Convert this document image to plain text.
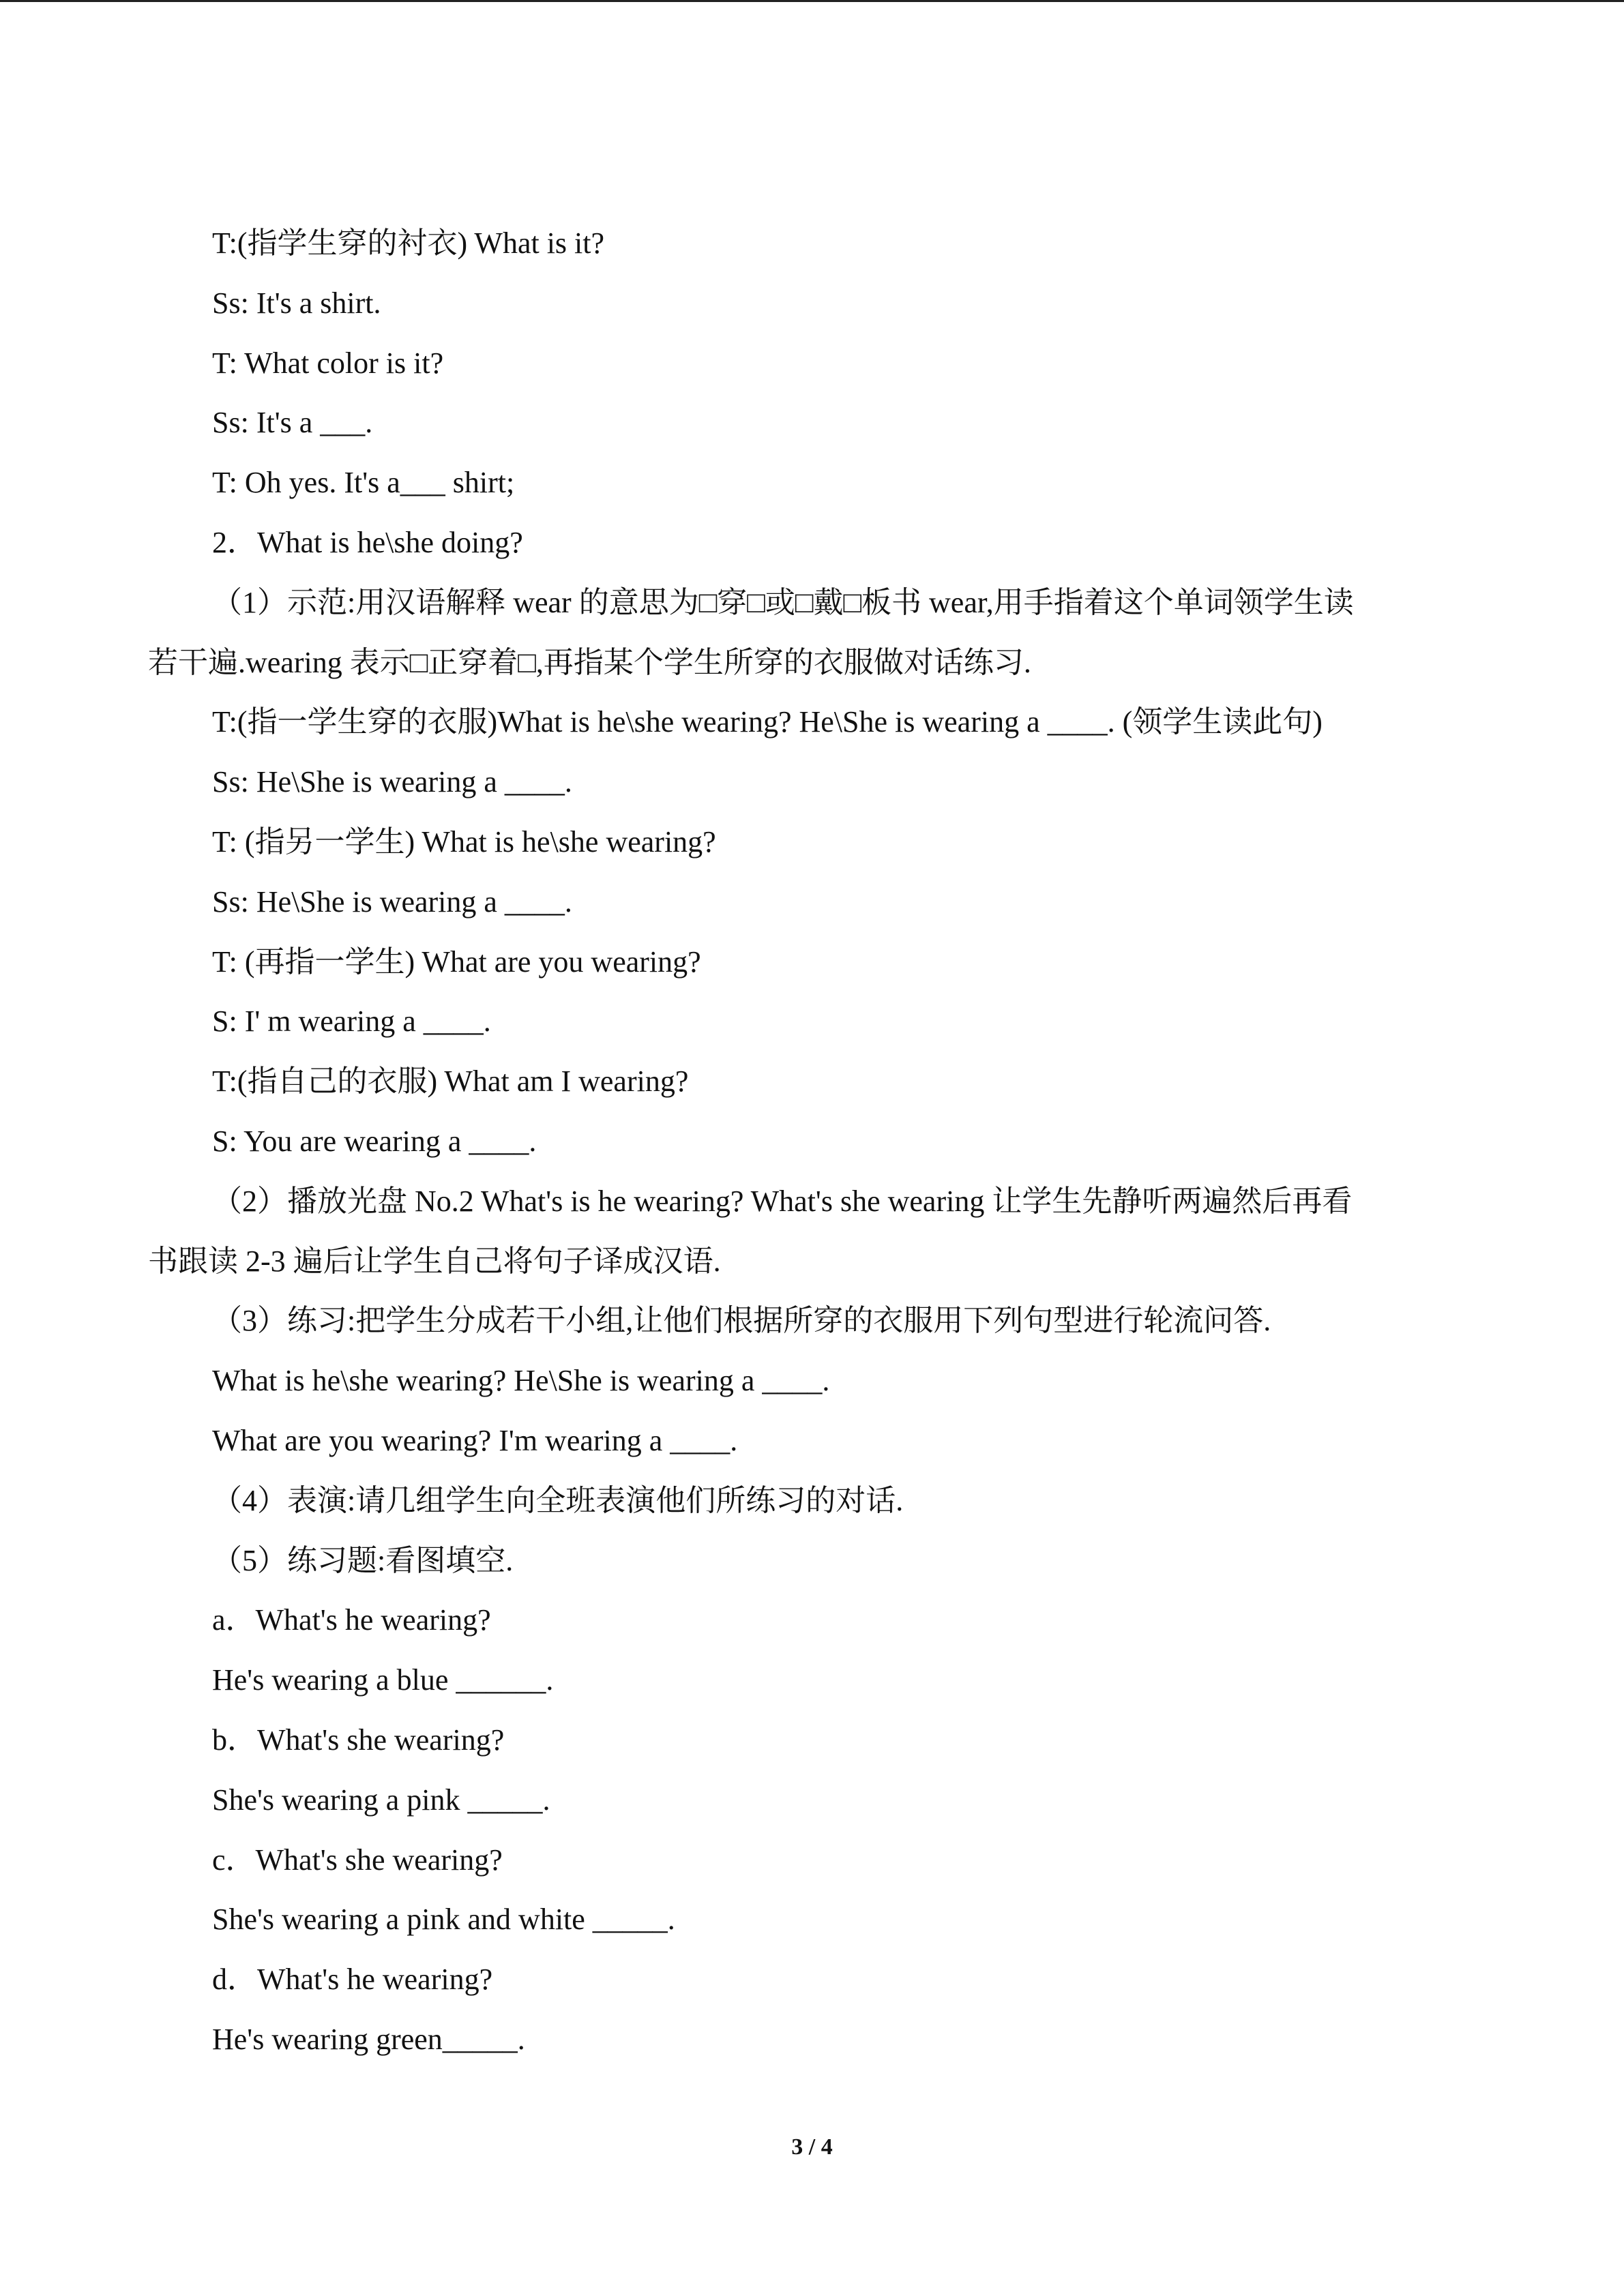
T:(指学生穿的衬衣) What is it?
Ss: It's a shirt.
T: What color is it?
Ss: It's a ___.
T: Oh yes. It's a___ shirt;
2．What is he\she doing?
（1）示范:用汉语解释 wear 的意思为□穿□或□戴□板书 wear,用手指着这个单词领学生读
若干遍.wearing 表示□正穿着□,再指某个学生所穿的衣服做对话练习.
T:(指一学生穿的衣服)What is he\she wearing? He\She is wearing a ____. (领学生读此句)
Ss: He\She is wearing a ____.
T: (指另一学生) What is he\she wearing?
Ss: He\She is wearing a ____.
T: (再指一学生) What are you wearing?
S: I' m wearing a ____.
T:(指自己的衣服) What am I wearing?
S: You are wearing a ____.
（2）播放光盘 No.2 What's is he wearing? What's she wearing 让学生先静听两遍然后再看
书跟读 2-3 遍后让学生自己将句子译成汉语.
（3）练习:把学生分成若干小组,让他们根据所穿的衣服用下列句型进行轮流问答.
What is he\she wearing? He\She is wearing a ____.
What are you wearing? I'm wearing a ____.
（4）表演:请几组学生向全班表演他们所练习的对话.
（5）练习题:看图填空.
a．What's he wearing?
He's wearing a blue ______.
b．What's she wearing?
She's wearing a pink _____.
c．What's she wearing?
She's wearing a pink and white _____.
d．What's he wearing?
He's wearing green_____.
3 / 4
